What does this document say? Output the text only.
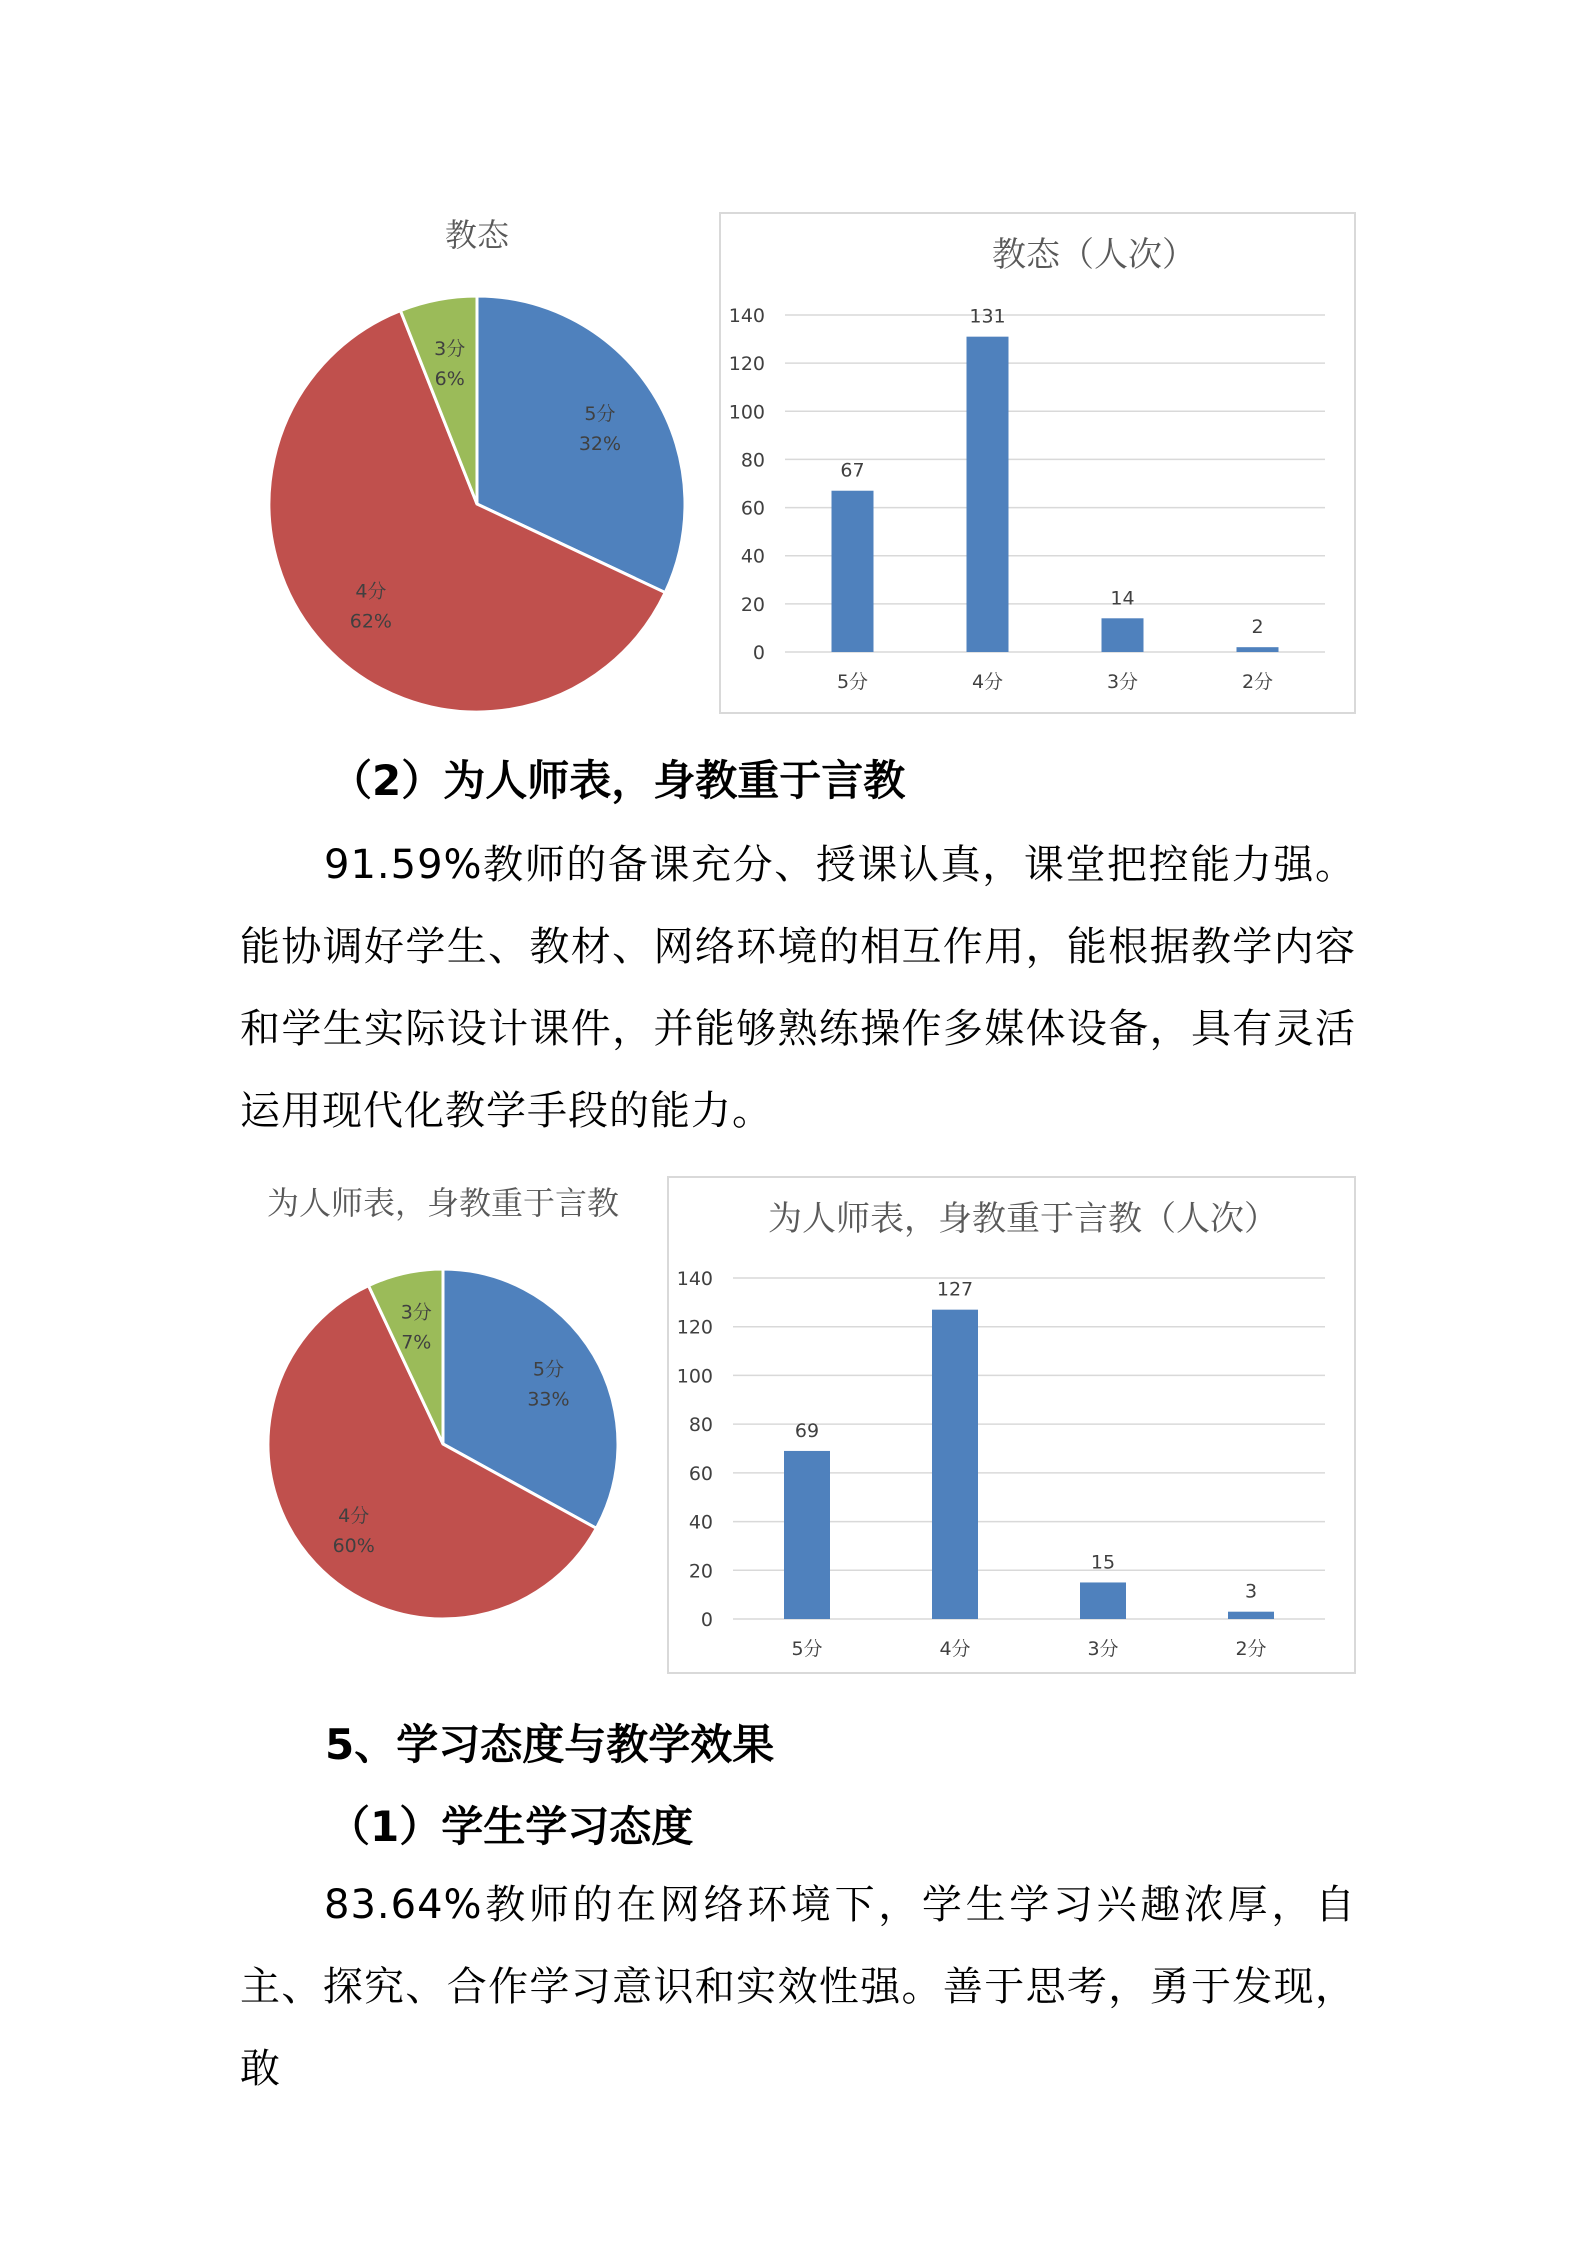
教态
5分 32%
4分 62%
3分 6%
教态（人次）
0
20
40
60
80
100
120
140
67
5分
131
4分
14
3分
2
2分
（2）为人师表，身教重于言教
91.59%教师的备课充分、授课认真，课堂把控能力强。能协调好学生、教材、网络环境的相互作用，能根据教学内容和学生实际设计课件，并能够熟练操作多媒体设备，具有灵活运用现代化教学手段的能力。
为人师表，身教重于言教
5分 33%
4分 60%
3分 7%
为人师表，身教重于言教（人次）
0
20
40
60
80
100
120
140
69
5分
127
4分
15
3分
3
2分
5、学习态度与教学效果
（1）学生学习态度
83.64%教师的在网络环境下，学生学习兴趣浓厚，自主、探究、合作学习意识和实效性强。善于思考，勇于发现，敢
